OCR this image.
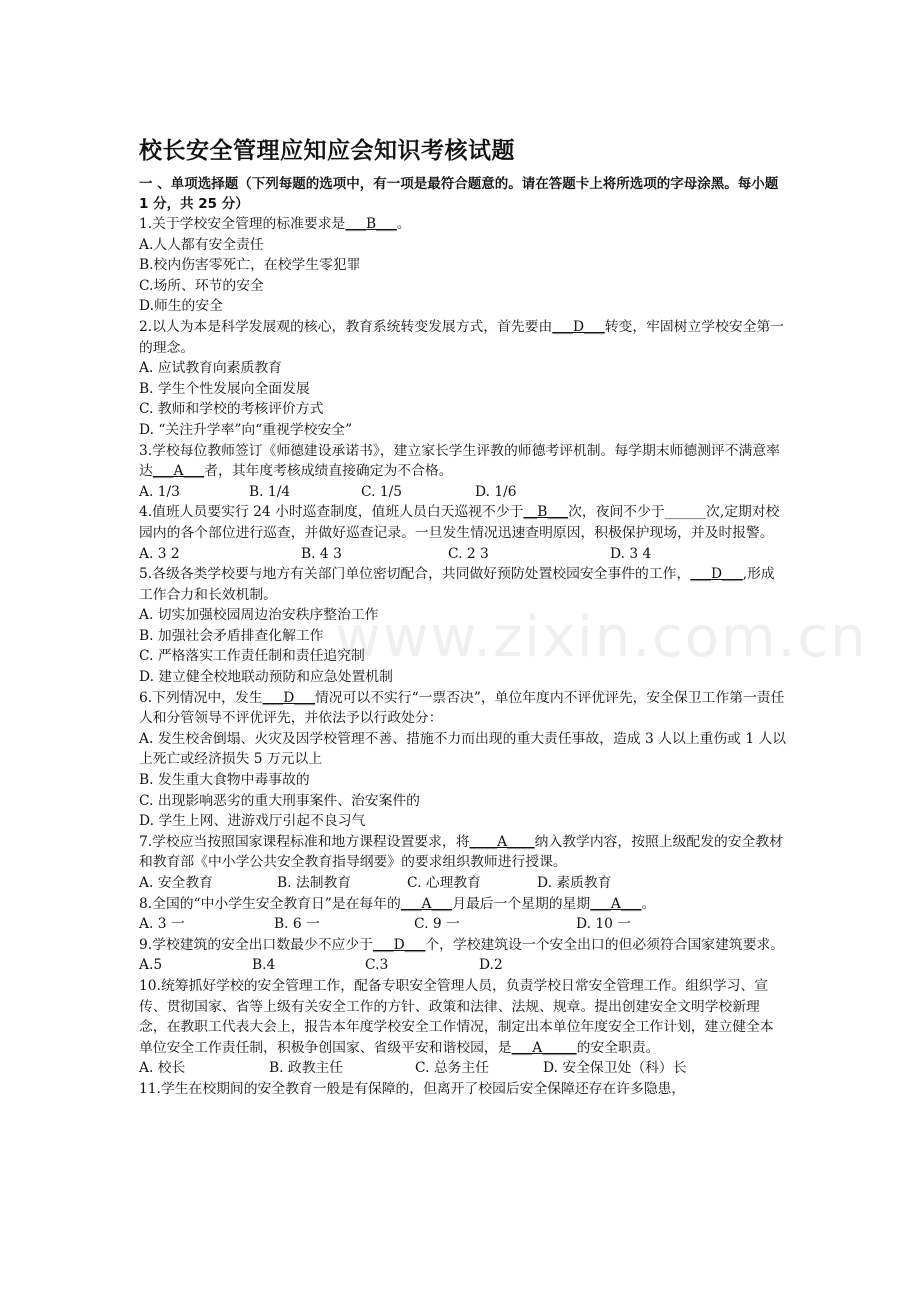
www.zixin.com.cn
校长安全管理应知应会知识考核试题

一 、单项选择题（下列每题的选项中，有一项是最符合题意的。请在答题卡上将所选项的字母涂黑。每小题 1 分，共 25 分）

1.关于学校安全管理的标准要求是___B___。

A.人人都有安全责任

B.校内伤害零死亡，在校学生零犯罪

C.场所、环节的安全

D.师生的安全

2.以人为本是科学发展观的核心，教育系统转变发展方式，首先要由___D___转变，牢固树立学校安全第一的理念。

A. 应试教育向素质教育

B. 学生个性发展向全面发展

C. 教师和学校的考核评价方式

D. “关注升学率”向“重视学校安全”

3.学校每位教师签订《师德建设承诺书》，建立家长学生评教的师德考评机制。每学期末师德测评不满意率达___A___者，其年度考核成绩直接确定为不合格。

A. 1/3	B. 1/4	C. 1/5	D. 1/6

4.值班人员要实行 24 小时巡查制度，值班人员白天巡视不少于__B___次，夜间不少于______次,定期对校园内的各个部位进行巡查，并做好巡查记录。一旦发生情况迅速查明原因，积极保护现场，并及时报警。

A. 3 2	B. 4 3	C. 2 3	D. 3 4

5.各级各类学校要与地方有关部门单位密切配合，共同做好预防处置校园安全事件的工作，___D___,形成工作合力和长效机制。

A. 切实加强校园周边治安秩序整治工作

B. 加强社会矛盾排查化解工作

C. 严格落实工作责任制和责任追究制

D. 建立健全校地联动预防和应急处置机制

6.下列情况中，发生___D___情况可以不实行“一票否决”，单位年度内不评优评先，安全保卫工作第一责任人和分管领导不评优评先，并依法予以行政处分：

A. 发生校舍倒塌、火灾及因学校管理不善、措施不力而出现的重大责任事故，造成 3 人以上重伤或 1 人以上死亡或经济损失 5 万元以上

B. 发生重大食物中毒事故的

C. 出现影响恶劣的重大刑事案件、治安案件的

D. 学生上网、进游戏厅引起不良习气

7.学校应当按照国家课程标准和地方课程设置要求，将____A____纳入教学内容，按照上级配发的安全教材和教育部《中小学公共安全教育指导纲要》的要求组织教师进行授课。

A. 安全教育	B. 法制教育	C. 心理教育	D. 素质教育

8.全国的“中小学生安全教育日”是在每年的___A___月最后一个星期的星期___A___。

A. 3 一	B. 6 一	C. 9 一	D. 10 一

9.学校建筑的安全出口数最少不应少于___D___个，学校建筑设一个安全出口的但必须符合国家建筑要求。

A.5	B.4	C.3	D.2

10.统筹抓好学校的安全管理工作，配备专职安全管理人员，负责学校日常安全管理工作。组织学习、宣传、贯彻国家、省等上级有关安全工作的方针、政策和法律、法规、规章。提出创建安全文明学校新理念，在教职工代表大会上，报告本年度学校安全工作情况，制定出本单位年度安全工作计划，建立健全本单位安全工作责任制，积极争创国家、省级平安和谐校园，是___A_____的安全职责。

A. 校长	B. 政教主任	C. 总务主任	D. 安全保卫处（科）长

11.学生在校期间的安全教育一般是有保障的，但离开了校园后安全保障还存在许多隐患，
